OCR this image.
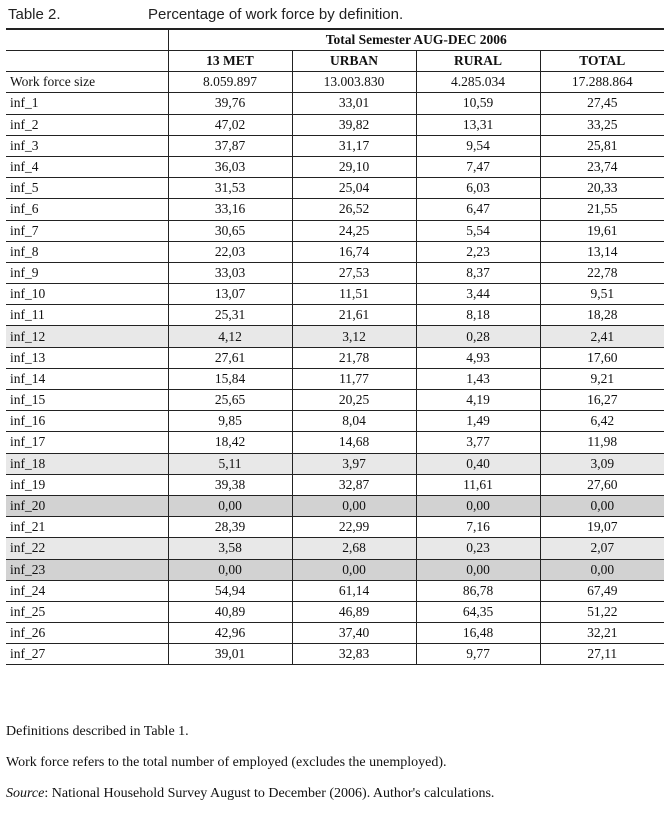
Table 2.	Percentage of work force by definition.
	Total Semester AUG-DEC 2006			
	13 MET	URBAN	RURAL	TOTAL
Work force size	8.059.897	13.003.830	4.285.034	17.288.864
inf_1	39,76	33,01	10,59	27,45
inf_2	47,02	39,82	13,31	33,25
inf_3	37,87	31,17	9,54	25,81
inf_4	36,03	29,10	7,47	23,74
inf_5	31,53	25,04	6,03	20,33
inf_6	33,16	26,52	6,47	21,55
inf_7	30,65	24,25	5,54	19,61
inf_8	22,03	16,74	2,23	13,14
inf_9	33,03	27,53	8,37	22,78
inf_10	13,07	11,51	3,44	9,51
inf_11	25,31	21,61	8,18	18,28
inf_12	4,12	3,12	0,28	2,41
inf_13	27,61	21,78	4,93	17,60
inf_14	15,84	11,77	1,43	9,21
inf_15	25,65	20,25	4,19	16,27
inf_16	9,85	8,04	1,49	6,42
inf_17	18,42	14,68	3,77	11,98
inf_18	5,11	3,97	0,40	3,09
inf_19	39,38	32,87	11,61	27,60
inf_20	0,00	0,00	0,00	0,00
inf_21	28,39	22,99	7,16	19,07
inf_22	3,58	2,68	0,23	2,07
inf_23	0,00	0,00	0,00	0,00
inf_24	54,94	61,14	86,78	67,49
inf_25	40,89	46,89	64,35	51,22
inf_26	42,96	37,40	16,48	32,21
inf_27	39,01	32,83	9,77	27,11

Definitions described in Table 1.

Work force refers to the total number of employed (excludes the unemployed).

Source: National Household Survey August to December (2006). Author's calculations.
